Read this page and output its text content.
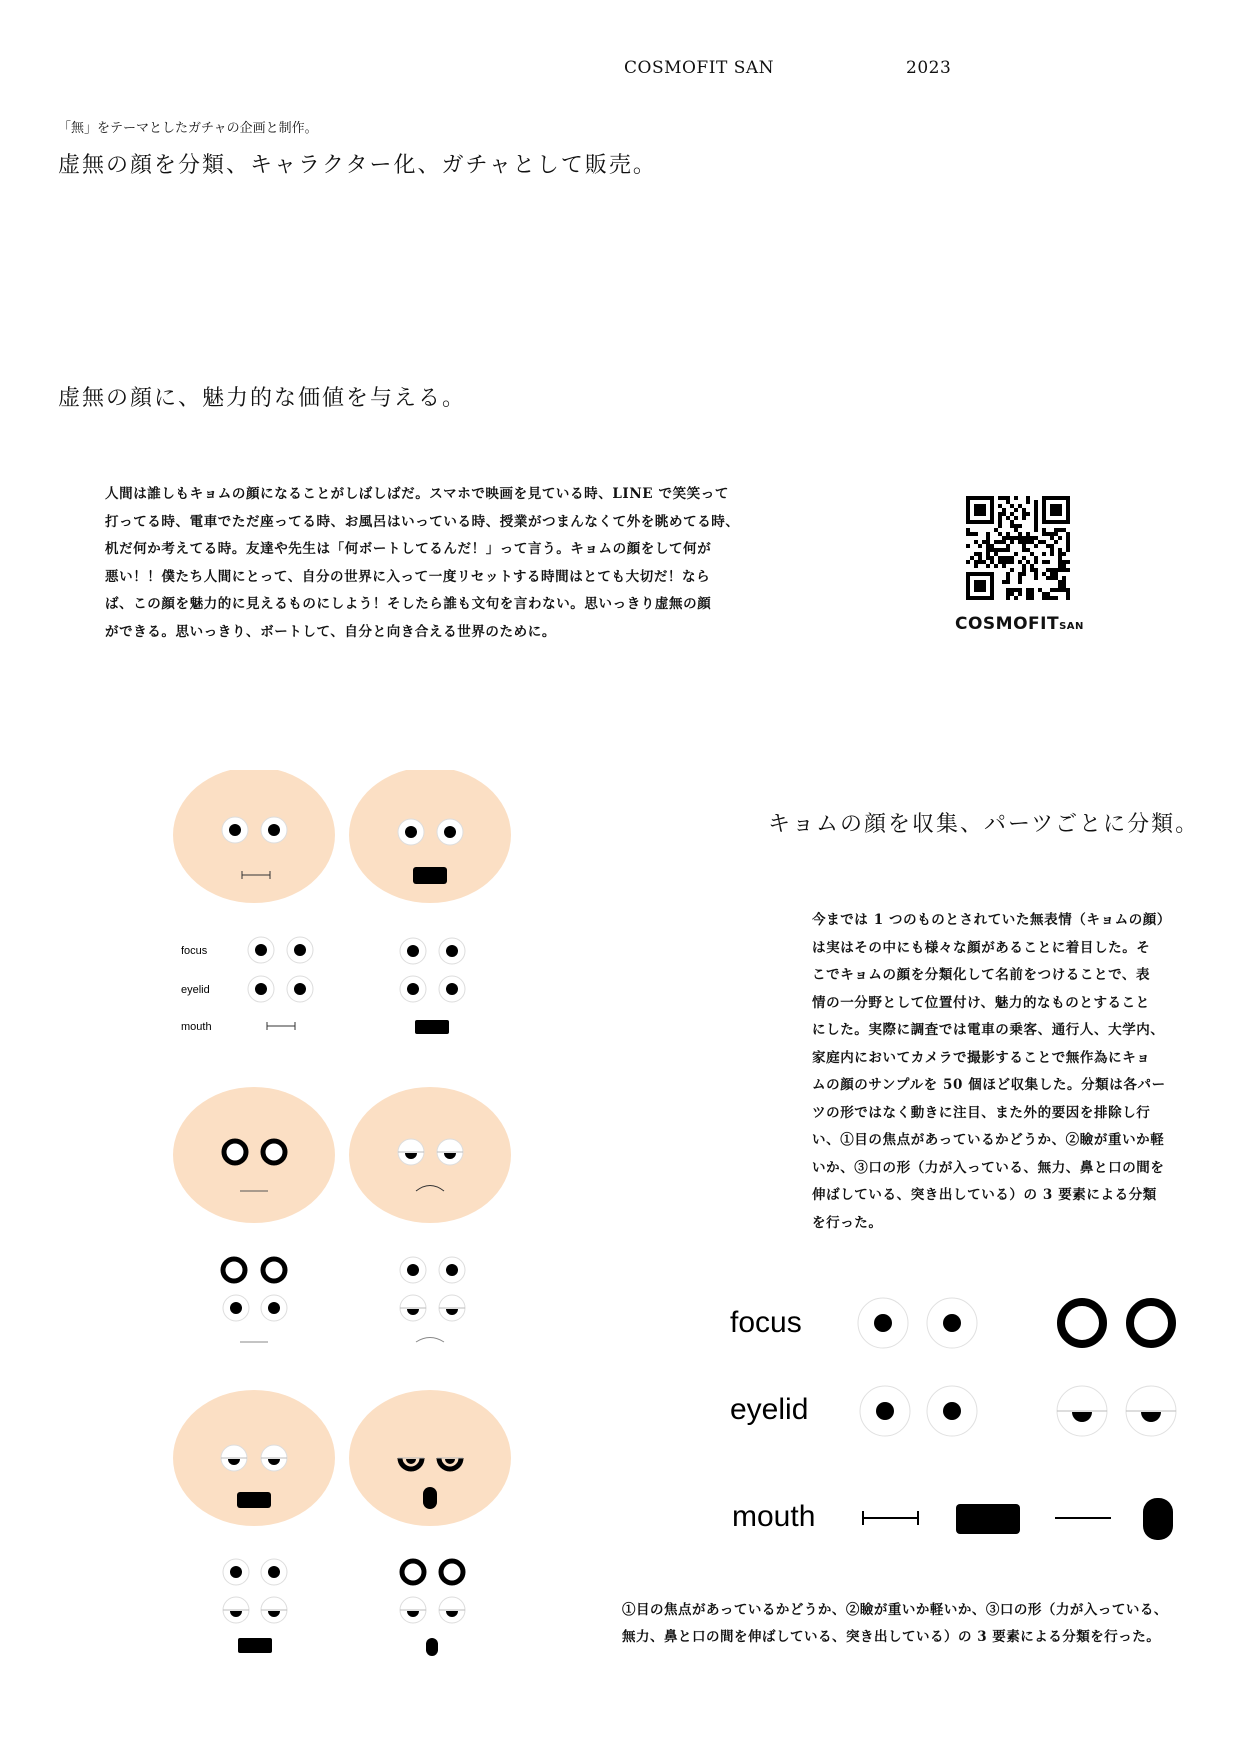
COSMOFIT SAN	2023
「無」をテーマとしたガチャの企画と制作。
虚無の顔を分類、キャラクター化、ガチャとして販売。
虚無の顔に、魅力的な価値を与える。
人間は誰しもキョムの顔になることがしばしばだ。スマホで映画を見ている時、LINE で笑笑って
打ってる時、電車でただ座ってる時、お風呂はいっている時、授業がつまんなくて外を眺めてる時、
机だ何か考えてる時。友達や先生は「何ボートしてるんだ！」って言う。キョムの顔をして何が
悪い！！僕たち人間にとって、自分の世界に入って一度リセットする時間はとても大切だ！なら
ば、この顔を魅力的に見えるものにしよう！そしたら誰も文句を言わない。思いっきり虚無の顔
ができる。思いっきり、ボートして、自分と向き合える世界のために。	COSMOFITSAN
キョムの顔を収集、パーツごとに分類。
今までは 1 つのものとされていた無表情（キョムの顔）
は実はその中にも様々な顔があることに着目した。そ
こでキョムの顔を分類化して名前をつけることで、表
情の一分野として位置付け、魅力的なものとすること
にした。実際に調査では電車の乗客、通行人、大学内、
家庭内においてカメラで撮影することで無作為にキョ
ムの顔のサンプルを 50 個ほど収集した。分類は各パー
ツの形ではなく動きに注目、また外的要因を排除し行
い、①目の焦点があっているかどうか、②瞼が重いか軽
いか、③口の形（力が入っている、無力、鼻と口の間を
伸ばしている、突き出している）の 3 要素による分類
を行った。
focus
eyelid
mouth
focus
eyelid
mouth
①目の焦点があっているかどうか、②瞼が重いか軽いか、③口の形（力が入っている、
無力、鼻と口の間を伸ばしている、突き出している）の 3 要素による分類を行った。
